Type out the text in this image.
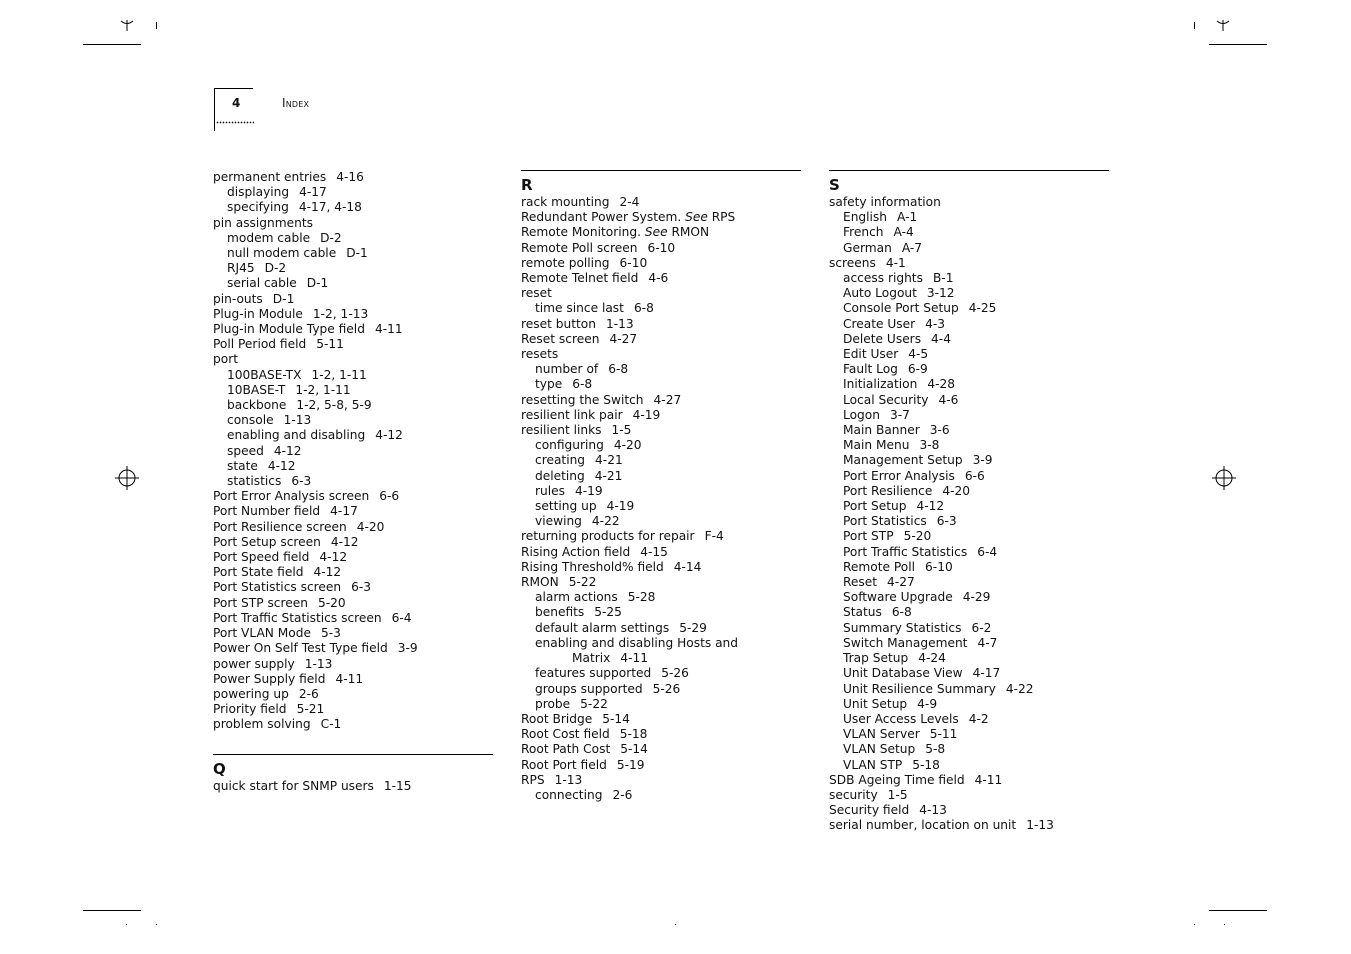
4	Index
permanent entries 4-16
displaying 4-17
specifying 4-17, 4-18
pin assignments
modem cable D-2
null modem cable D-1
RJ45 D-2
serial cable D-1
pin-outs D-1
Plug-in Module 1-2, 1-13
Plug-in Module Type field 4-11
Poll Period field 5-11
port
100BASE-TX 1-2, 1-11
10BASE-T 1-2, 1-11
backbone 1-2, 5-8, 5-9
console 1-13
enabling and disabling 4-12
speed 4-12
state 4-12
statistics 6-3
Port Error Analysis screen 6-6
Port Number field 4-17
Port Resilience screen 4-20
Port Setup screen 4-12
Port Speed field 4-12
Port State field 4-12
Port Statistics screen 6-3
Port STP screen 5-20
Port Traffic Statistics screen 6-4
Port VLAN Mode 5-3
Power On Self Test Type field 3-9
power supply 1-13
Power Supply field 4-11
powering up 2-6
Priority field 5-21
problem solving C-1
Q
quick start for SNMP users 1-15
R
rack mounting 2-4
Redundant Power System. See RPS
Remote Monitoring. See RMON
Remote Poll screen 6-10
remote polling 6-10
Remote Telnet field 4-6
reset
time since last 6-8
reset button 1-13
Reset screen 4-27
resets
number of 6-8
type 6-8
resetting the Switch 4-27
resilient link pair 4-19
resilient links 1-5
configuring 4-20
creating 4-21
deleting 4-21
rules 4-19
setting up 4-19
viewing 4-22
returning products for repair F-4
Rising Action field 4-15
Rising Threshold% field 4-14
RMON 5-22
alarm actions 5-28
benefits 5-25
default alarm settings 5-29
enabling and disabling Hosts and
Matrix 4-11
features supported 5-26
groups supported 5-26
probe 5-22
Root Bridge 5-14
Root Cost field 5-18
Root Path Cost 5-14
Root Port field 5-19
RPS 1-13
connecting 2-6
S
safety information
English A-1
French A-4
German A-7
screens 4-1
access rights B-1
Auto Logout 3-12
Console Port Setup 4-25
Create User 4-3
Delete Users 4-4
Edit User 4-5
Fault Log 6-9
Initialization 4-28
Local Security 4-6
Logon 3-7
Main Banner 3-6
Main Menu 3-8
Management Setup 3-9
Port Error Analysis 6-6
Port Resilience 4-20
Port Setup 4-12
Port Statistics 6-3
Port STP 5-20
Port Traffic Statistics 6-4
Remote Poll 6-10
Reset 4-27
Software Upgrade 4-29
Status 6-8
Summary Statistics 6-2
Switch Management 4-7
Trap Setup 4-24
Unit Database View 4-17
Unit Resilience Summary 4-22
Unit Setup 4-9
User Access Levels 4-2
VLAN Server 5-11
VLAN Setup 5-8
VLAN STP 5-18
SDB Ageing Time field 4-11
security 1-5
Security field 4-13
serial number, location on unit 1-13
